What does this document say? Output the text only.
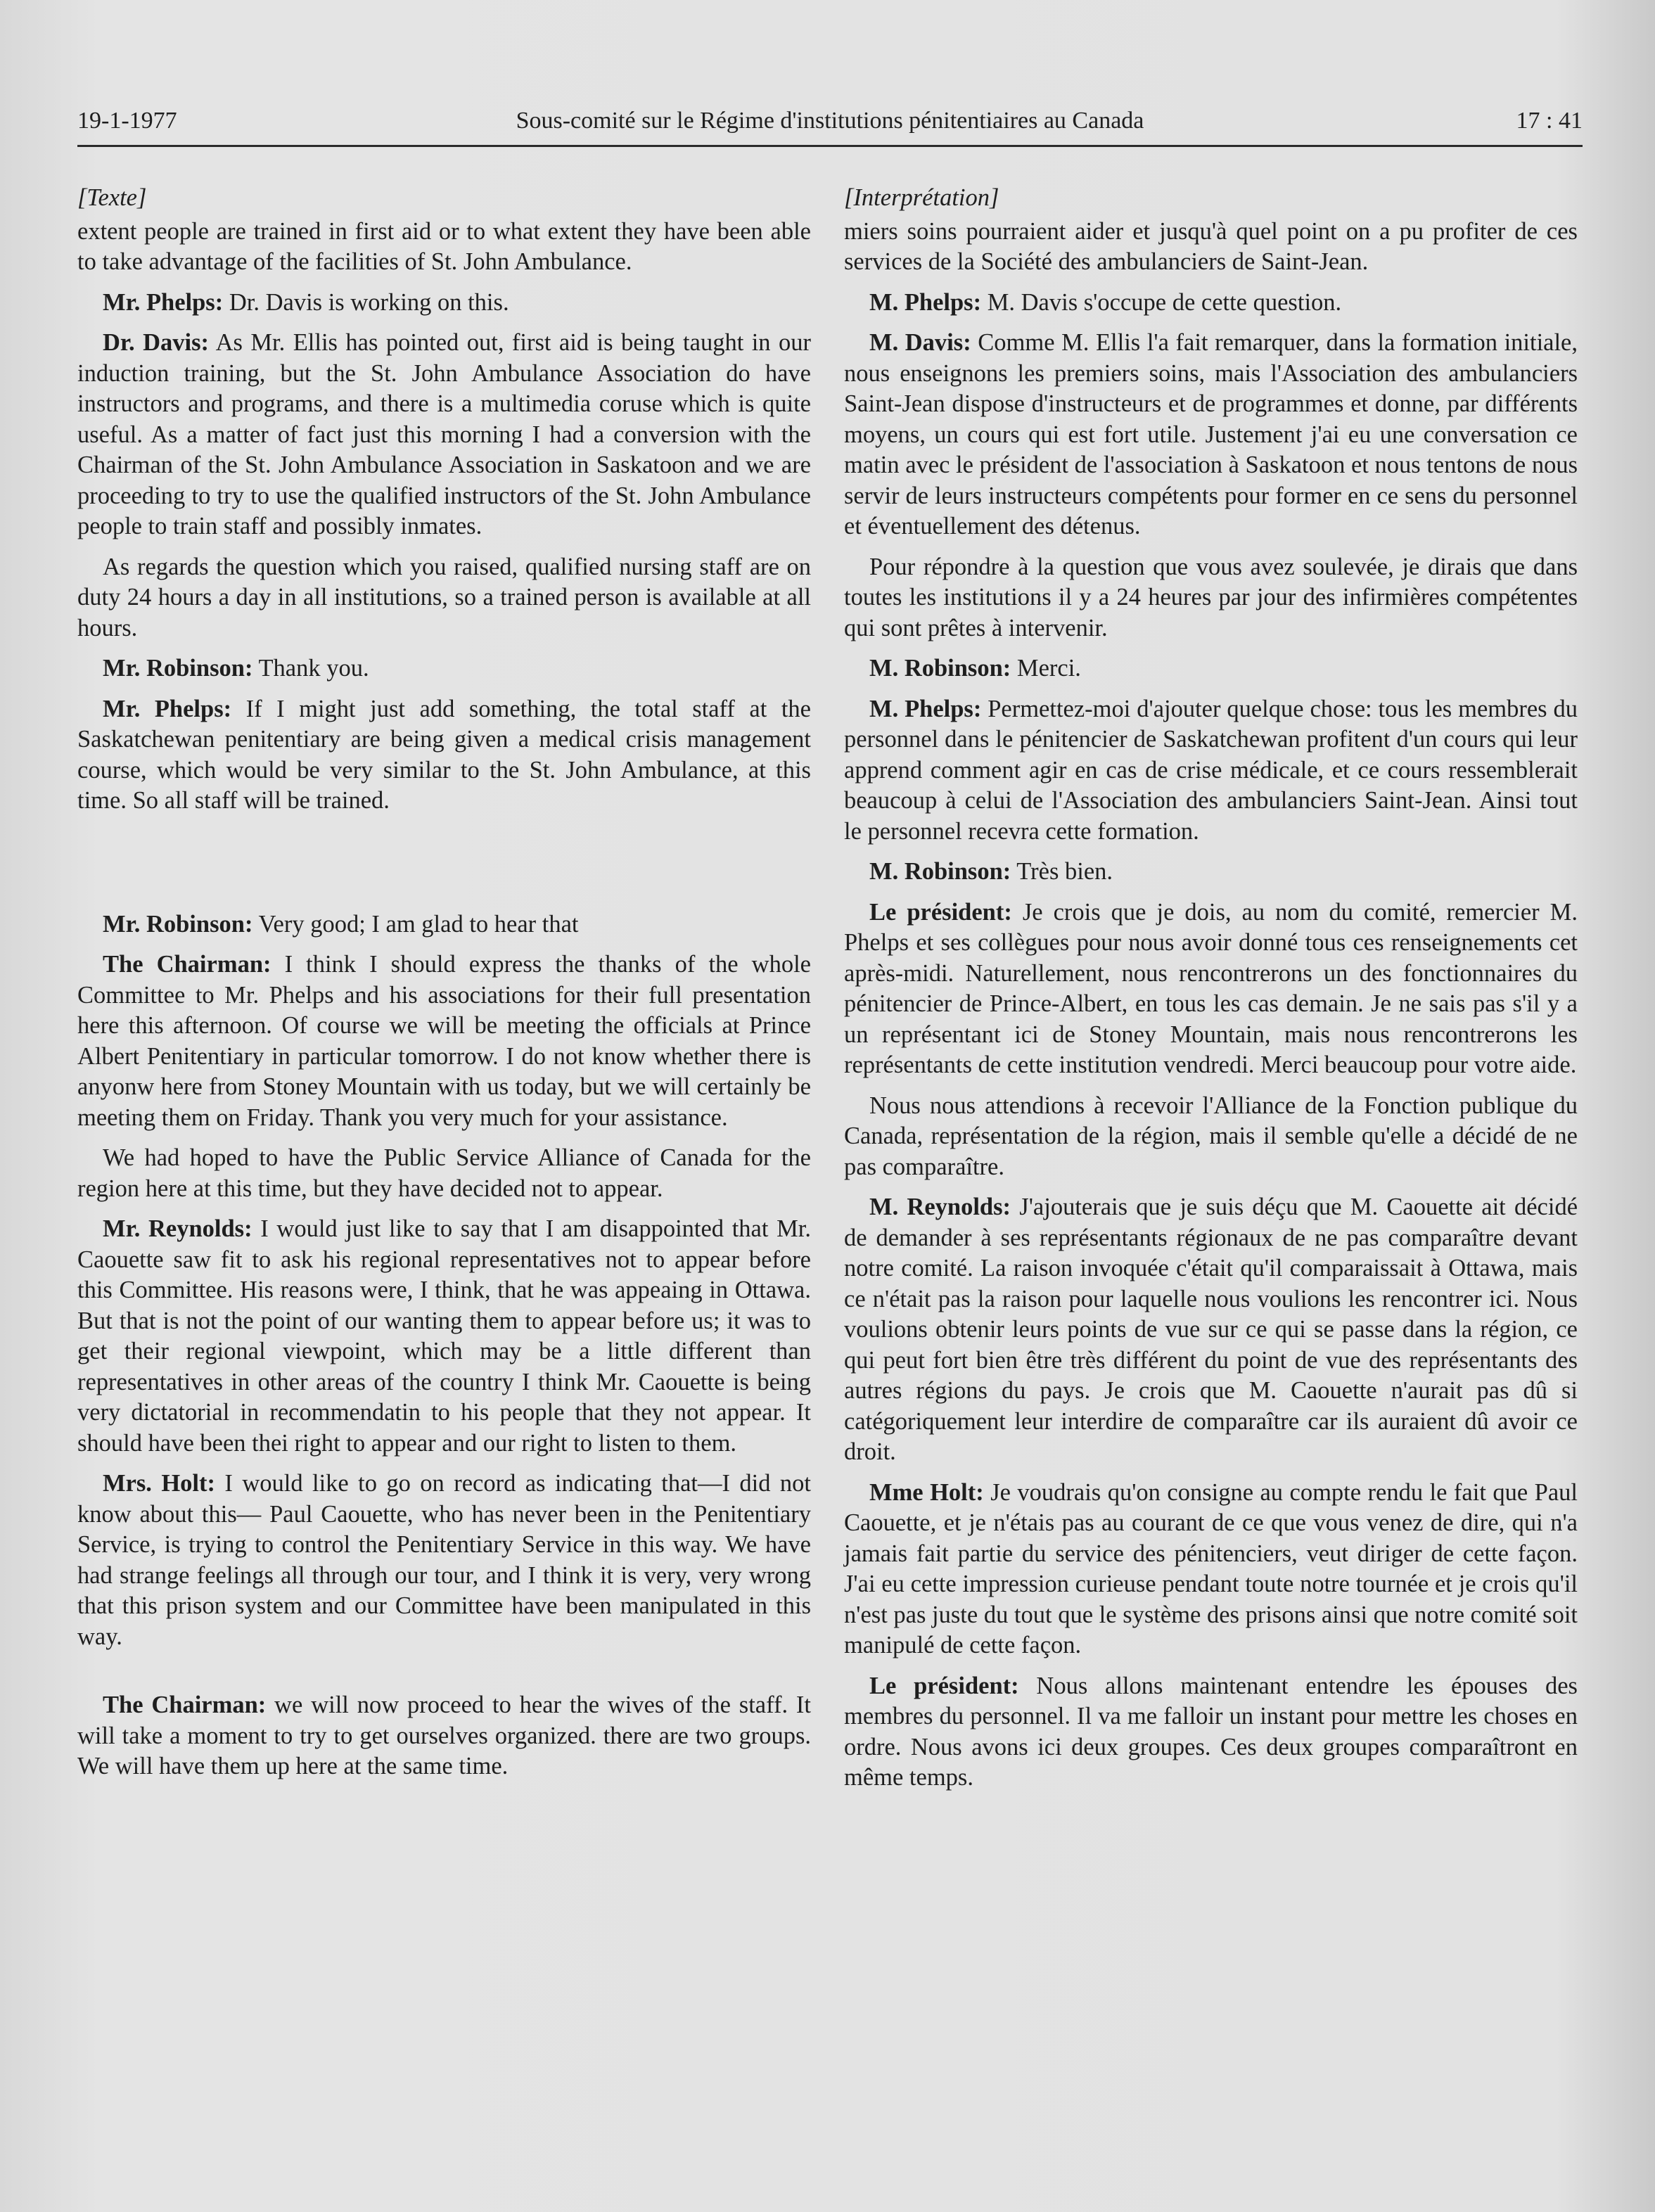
19-1-1977	Sous-comité sur le Régime d'institutions pénitentiaires au Canada	17 : 41
[Texte]

extent people are trained in first aid or to what extent they have been able to take advantage of the facilities of St. John Ambulance.

Mr. Phelps: Dr. Davis is working on this.

Dr. Davis: As Mr. Ellis has pointed out, first aid is being taught in our induction training, but the St. John Ambulance Association do have instructors and programs, and there is a multimedia coruse which is quite useful. As a matter of fact just this morning I had a conversion with the Chairman of the St. John Ambulance Association in Saskatoon and we are proceeding to try to use the qualified instructors of the St. John Ambulance people to train staff and possibly inmates.

As regards the question which you raised, qualified nursing staff are on duty 24 hours a day in all institutions, so a trained person is available at all hours.

Mr. Robinson: Thank you.

Mr. Phelps: If I might just add something, the total staff at the Saskatchewan penitentiary are being given a medical crisis management course, which would be very similar to the St. John Ambulance, at this time. So all staff will be trained.

Mr. Robinson: Very good; I am glad to hear that

The Chairman: I think I should express the thanks of the whole Committee to Mr. Phelps and his associations for their full presentation here this afternoon. Of course we will be meeting the officials at Prince Albert Penitentiary in particular tomorrow. I do not know whether there is anyonw here from Stoney Mountain with us today, but we will certainly be meeting them on Friday. Thank you very much for your assistance.

We had hoped to have the Public Service Alliance of Canada for the region here at this time, but they have decided not to appear.

Mr. Reynolds: I would just like to say that I am disappointed that Mr. Caouette saw fit to ask his regional representatives not to appear before this Committee. His reasons were, I think, that he was appeaing in Ottawa. But that is not the point of our wanting them to appear before us; it was to get their regional viewpoint, which may be a little different than representatives in other areas of the country I think Mr. Caouette is being very dictatorial in recommendatin to his people that they not appear. It should have been thei right to appear and our right to listen to them.

Mrs. Holt: I would like to go on record as indicating that—I did not know about this— Paul Caouette, who has never been in the Penitentiary Service, is trying to control the Penitentiary Service in this way. We have had strange feelings all through our tour, and I think it is very, very wrong that this prison system and our Committee have been manipulated in this way.

The Chairman: we will now proceed to hear the wives of the staff. It will take a moment to try to get ourselves organized. there are two groups. We will have them up here at the same time.

[Interprétation]

miers soins pourraient aider et jusqu'à quel point on a pu profiter de ces services de la Société des ambulanciers de Saint-Jean.

M. Phelps: M. Davis s'occupe de cette question.

M. Davis: Comme M. Ellis l'a fait remarquer, dans la formation initiale, nous enseignons les premiers soins, mais l'Association des ambulanciers Saint-Jean dispose d'instructeurs et de programmes et donne, par différents moyens, un cours qui est fort utile. Justement j'ai eu une conversation ce matin avec le président de l'association à Saskatoon et nous tentons de nous servir de leurs instructeurs compétents pour former en ce sens du personnel et éventuellement des détenus.

Pour répondre à la question que vous avez soulevée, je dirais que dans toutes les institutions il y a 24 heures par jour des infirmières compétentes qui sont prêtes à intervenir.

M. Robinson: Merci.

M. Phelps: Permettez-moi d'ajouter quelque chose: tous les membres du personnel dans le pénitencier de Saskatchewan profitent d'un cours qui leur apprend comment agir en cas de crise médicale, et ce cours ressemblerait beaucoup à celui de l'Association des ambulanciers Saint-Jean. Ainsi tout le personnel recevra cette formation.

M. Robinson: Très bien.

Le président: Je crois que je dois, au nom du comité, remercier M. Phelps et ses collègues pour nous avoir donné tous ces renseignements cet après-midi. Naturellement, nous rencontrerons un des fonctionnaires du pénitencier de Prince-Albert, en tous les cas demain. Je ne sais pas s'il y a un représentant ici de Stoney Mountain, mais nous rencontrerons les représentants de cette institution vendredi. Merci beaucoup pour votre aide.

Nous nous attendions à recevoir l'Alliance de la Fonction publique du Canada, représentation de la région, mais il semble qu'elle a décidé de ne pas comparaître.

M. Reynolds: J'ajouterais que je suis déçu que M. Caouette ait décidé de demander à ses représentants régionaux de ne pas comparaître devant notre comité. La raison invoquée c'était qu'il comparaissait à Ottawa, mais ce n'était pas la raison pour laquelle nous voulions les rencontrer ici. Nous voulions obtenir leurs points de vue sur ce qui se passe dans la région, ce qui peut fort bien être très différent du point de vue des représentants des autres régions du pays. Je crois que M. Caouette n'aurait pas dû si catégoriquement leur interdire de comparaître car ils auraient dû avoir ce droit.

Mme Holt: Je voudrais qu'on consigne au compte rendu le fait que Paul Caouette, et je n'étais pas au courant de ce que vous venez de dire, qui n'a jamais fait partie du service des pénitenciers, veut diriger de cette façon. J'ai eu cette impression curieuse pendant toute notre tournée et je crois qu'il n'est pas juste du tout que le système des prisons ainsi que notre comité soit manipulé de cette façon.

Le président: Nous allons maintenant entendre les épouses des membres du personnel. Il va me falloir un instant pour mettre les choses en ordre. Nous avons ici deux groupes. Ces deux groupes comparaîtront en même temps.
